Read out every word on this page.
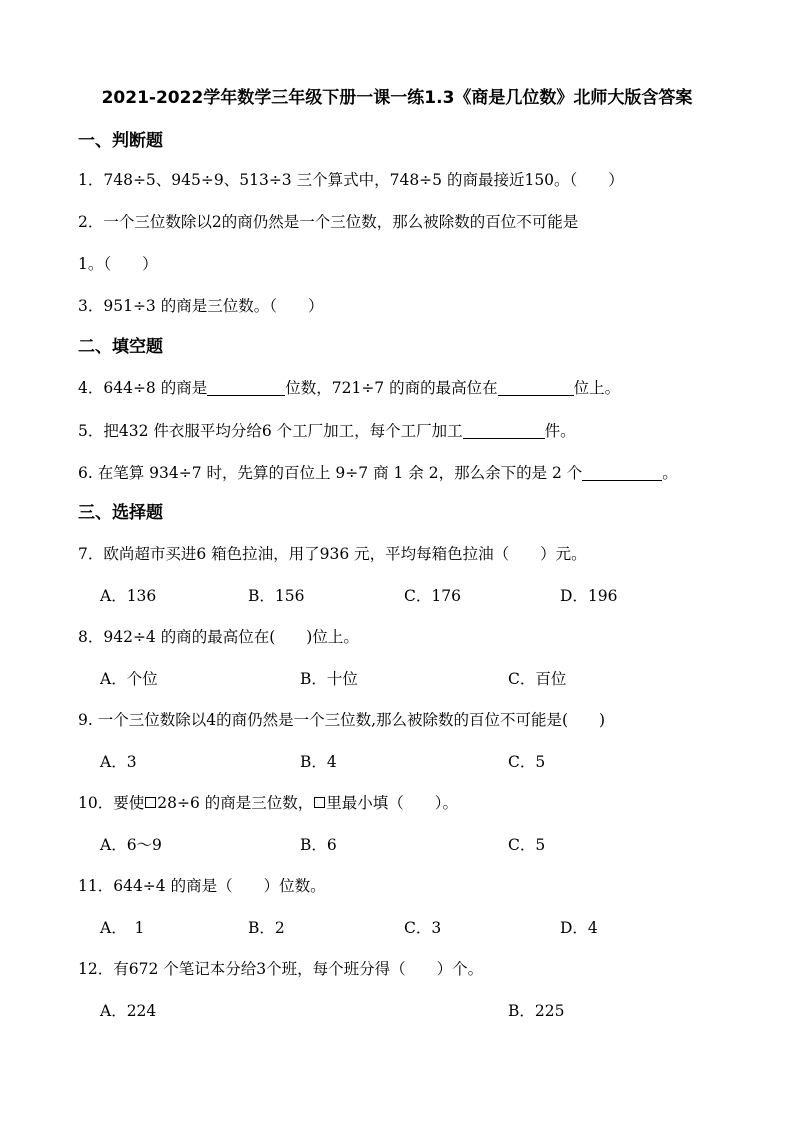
2021-2022学年数学三年级下册一课一练1.3《商是几位数》北师大版含答案
一、判断题
1．748÷5、945÷9、513÷3 三个算式中，748÷5 的商最接近150。（　　）
2．一个三位数除以2的商仍然是一个三位数，那么被除数的百位不可能是
1。（　　）
3．951÷3 的商是三位数。（　　）
二、填空题
4．644÷8 的商是	位数，721÷7 的商的最高位在	位上。
5．把432 件衣服平均分给6 个工厂加工，每个工厂加工	件。
6. 在笔算 934÷7 时，先算的百位上 9÷7 商 1 余 2，那么余下的是 2 个	。
三、选择题
7．欧尚超市买进6 箱色拉油，用了936 元，平均每箱色拉油（　　）元。
A．136	B．156	C．176	D．196
8．942÷4 的商的最高位在(　　)位上。
A．个位	B．十位	C．百位
9. 一个三位数除以4的商仍然是一个三位数,那么被除数的百位不可能是(　　)
A．3	B．4	C．5
10．要使 28÷6 的商是三位数， 里最小填（　　）。
A．6～9	B．6	C．5
11．644÷4 的商是（　　）位数。
A．　1	B．2	C．3	D．4
12．有672 个笔记本分给3个班，每个班分得（　　）个。
A．224	B．225
